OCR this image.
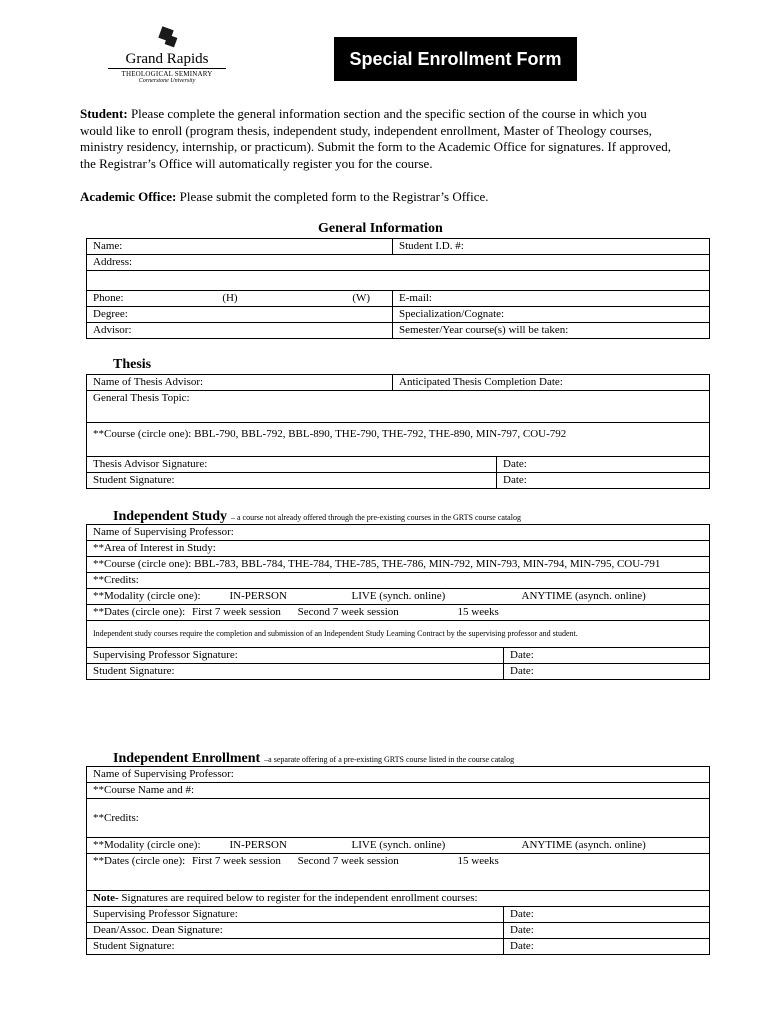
Grand Rapids
THEOLOGICAL SEMINARY
Cornerstone University
Special Enrollment Form
Student: Please complete the general information section and the specific section of the course in which you would like to enroll (program thesis, independent study, independent enrollment, Master of Theology courses, ministry residency, internship, or practicum). Submit the form to the Academic Office for signatures. If approved, the Registrar’s Office will automatically register you for the course.
Academic Office: Please submit the completed form to the Registrar’s Office.
General Information
Name:	Student I.D. #:
Address:	

Phone: (H) (W)	E-mail:
Degree:	Specialization/Cognate:
Advisor:	Semester/Year course(s) will be taken:
Thesis
Name of Thesis Advisor:	Anticipated Thesis Completion Date:	
General Thesis Topic:		
**Course (circle one): BBL-790, BBL-792, BBL-890, THE-790, THE-792, THE-890, MIN-797, COU-792		
Thesis Advisor Signature:		Date:
Student Signature:		Date:
Independent Study – a course not already offered through the pre-existing courses in the GRTS course catalog
Name of Supervising Professor:	
**Area of Interest in Study:	
**Course (circle one): BBL-783, BBL-784, THE-784, THE-785, THE-786, MIN-792, MIN-793, MIN-794, MIN-795, COU-791	
**Credits:	
**Modality (circle one): IN-PERSON LIVE (synch. online) ANYTIME (asynch. online)	

**Dates (circle one): First 7 week session Second 7 week session 15 weeks	
Independent study courses require the completion and submission of an Independent Study Learning Contract by the supervising professor and student.	
Supervising Professor Signature:	Date:
Student Signature:	Date:
Independent Enrollment –a separate offering of a pre-existing GRTS course listed in the course catalog
Name of Supervising Professor:	
**Course Name and #:	
**Credits:	
**Modality (circle one): IN-PERSON LIVE (synch. online) ANYTIME (asynch. online)	

**Dates (circle one): First 7 week session Second 7 week session 15 weeks	
Note- Signatures are required below to register for the independent enrollment courses:	
Supervising Professor Signature:	Date:
Dean/Assoc. Dean Signature:	Date:
Student Signature:	Date:
